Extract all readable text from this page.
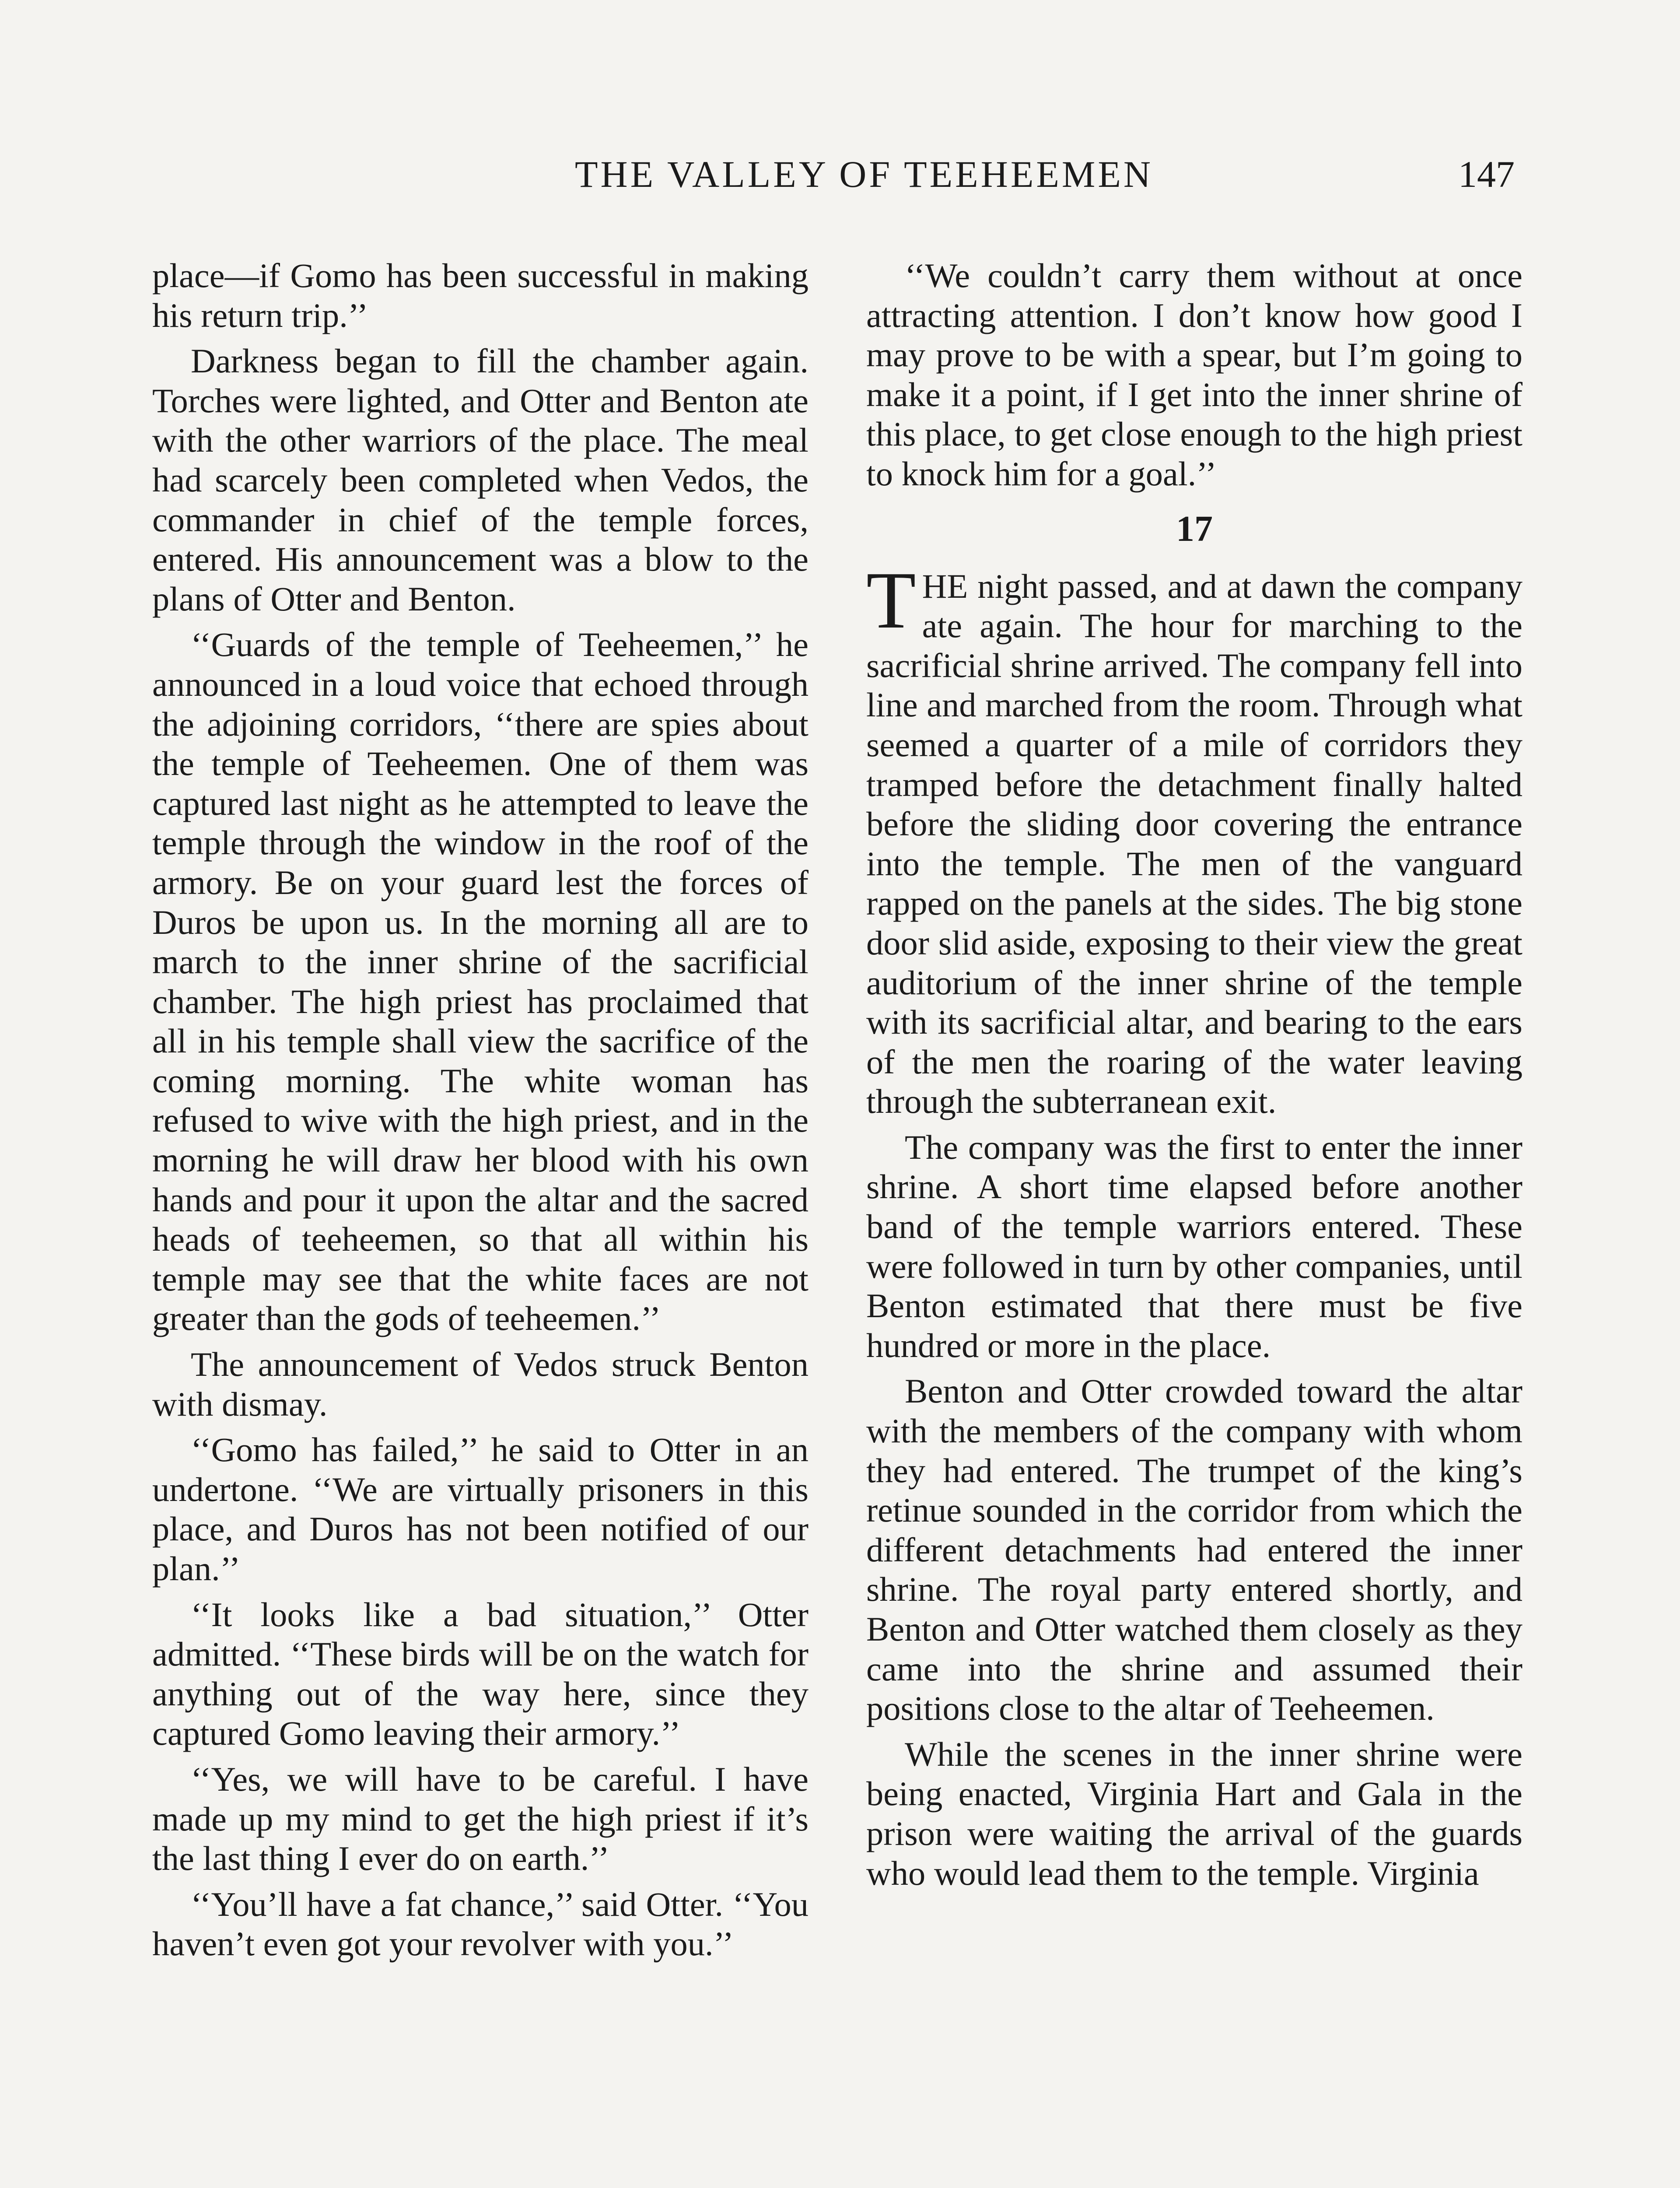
THE VALLEY OF TEEHEEMEN	147

place—if Gomo has been successful in making his return trip.’’

Darkness began to fill the chamber again. Torches were lighted, and Otter and Benton ate with the other warriors of the place. The meal had scarcely been completed when Vedos, the commander in chief of the temple forces, entered. His announcement was a blow to the plans of Otter and Benton.

‘‘Guards of the temple of Teeheemen,’’ he announced in a loud voice that echoed through the adjoining corridors, ‘‘there are spies about the temple of Teeheemen. One of them was captured last night as he attempted to leave the temple through the window in the roof of the armory. Be on your guard lest the forces of Duros be upon us. In the morning all are to march to the inner shrine of the sacrificial chamber. The high priest has proclaimed that all in his temple shall view the sacrifice of the coming morning. The white woman has refused to wive with the high priest, and in the morning he will draw her blood with his own hands and pour it upon the altar and the sacred heads of teeheemen, so that all within his temple may see that the white faces are not greater than the gods of teeheemen.’’

The announcement of Vedos struck Benton with dismay.

‘‘Gomo has failed,’’ he said to Otter in an undertone. ‘‘We are virtually prisoners in this place, and Duros has not been notified of our plan.’’

‘‘It looks like a bad situation,’’ Otter admitted. ‘‘These birds will be on the watch for anything out of the way here, since they captured Gomo leaving their armory.’’

‘‘Yes, we will have to be careful. I have made up my mind to get the high priest if it’s the last thing I ever do on earth.’’

‘‘You’ll have a fat chance,’’ said Otter. ‘‘You haven’t even got your revolver with you.’’

‘‘We couldn’t carry them without at once attracting attention. I don’t know how good I may prove to be with a spear, but I’m going to make it a point, if I get into the inner shrine of this place, to get close enough to the high priest to knock him for a goal.’’

17

THE night passed, and at dawn the company ate again. The hour for marching to the sacrificial shrine arrived. The company fell into line and marched from the room. Through what seemed a quarter of a mile of corridors they tramped before the detachment finally halted before the sliding door covering the entrance into the temple. The men of the vanguard rapped on the panels at the sides. The big stone door slid aside, exposing to their view the great auditorium of the inner shrine of the temple with its sacrificial altar, and bearing to the ears of the men the roaring of the water leaving through the subterranean exit.

The company was the first to enter the inner shrine. A short time elapsed before another band of the temple warriors entered. These were followed in turn by other companies, until Benton estimated that there must be five hundred or more in the place.

Benton and Otter crowded toward the altar with the members of the company with whom they had entered. The trumpet of the king’s retinue sounded in the corridor from which the different detachments had entered the inner shrine. The royal party entered shortly, and Benton and Otter watched them closely as they came into the shrine and assumed their positions close to the altar of Teeheemen.

While the scenes in the inner shrine were being enacted, Virginia Hart and Gala in the prison were waiting the arrival of the guards who would lead them to the temple. Virginia
